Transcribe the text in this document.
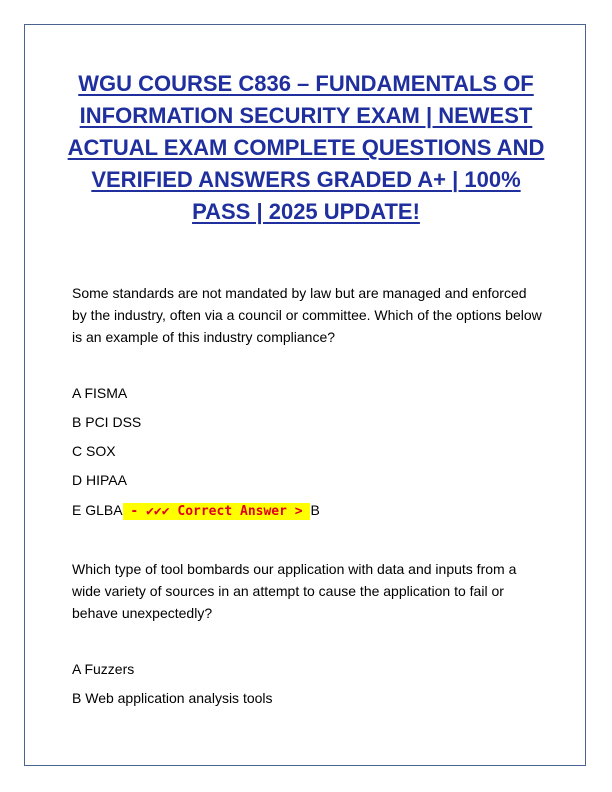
WGU COURSE C836 – FUNDAMENTALS OF INFORMATION SECURITY EXAM | NEWEST ACTUAL EXAM COMPLETE QUESTIONS AND VERIFIED ANSWERS GRADED A+ | 100% PASS | 2025 UPDATE!

Some standards are not mandated by law but are managed and enforced by the industry, often via a council or committee. Which of the options below is an example of this industry compliance?

A FISMA

B PCI DSS

C SOX

D HIPAA

E GLBA - ✔✔✔ Correct Answer > B

Which type of tool bombards our application with data and inputs from a wide variety of sources in an attempt to cause the application to fail or behave unexpectedly?

A Fuzzers

B Web application analysis tools
